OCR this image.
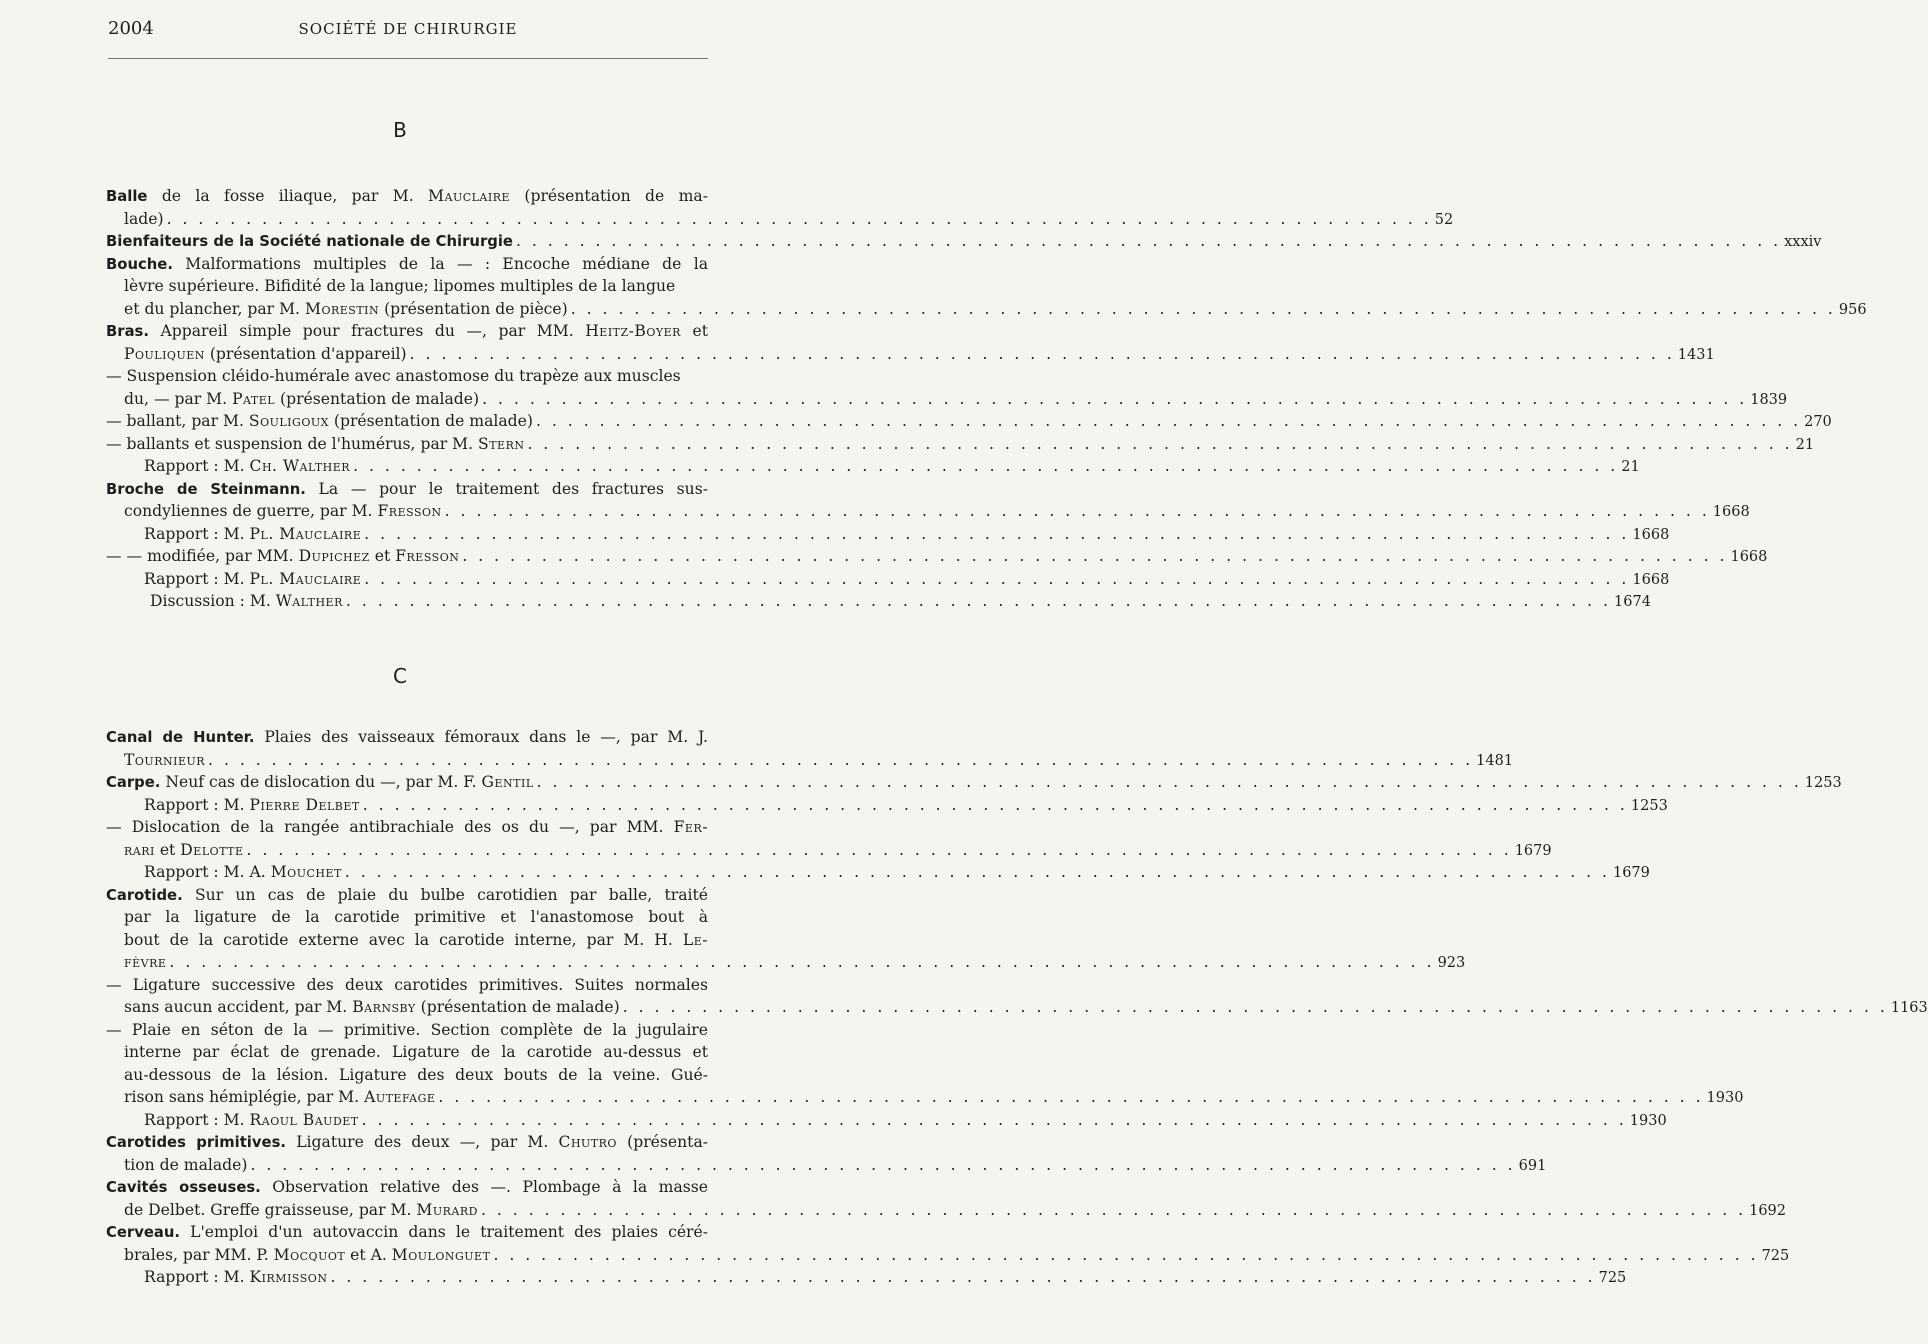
2004	SOCIÉTÉ DE CHIRURGIE
B
Balle de la fosse iliaque, par M. Mauclaire (présentation de ma-
lade) . . . . . . . . . . . . . . . . . . . . . . . . . . . . . . . . . . . . . . . . . . . . . . . . . . . . . . . . . . . . . . . . . . . . . . . . . . . . . . . . 52
Bienfaiteurs de la Société nationale de Chirurgie . . . . . . . . . . . . . . . . . . . . . . . . . . . . . . . . . . . . . . . . . . . . . . . . . . . . . . . . . . . . . . . . . . . . . . . . . . . . . . . . xxxiv
Bouche. Malformations multiples de la — : Encoche médiane de la
lèvre supérieure. Bifidité de la langue; lipomes multiples de la langue
et du plancher, par M. Morestin (présentation de pièce) . . . . . . . . . . . . . . . . . . . . . . . . . . . . . . . . . . . . . . . . . . . . . . . . . . . . . . . . . . . . . . . . . . . . . . . . . . . . . . . . 956
Bras. Appareil simple pour fractures du —, par MM. Heitz-Boyer et
Pouliquen (présentation d'appareil) . . . . . . . . . . . . . . . . . . . . . . . . . . . . . . . . . . . . . . . . . . . . . . . . . . . . . . . . . . . . . . . . . . . . . . . . . . . . . . . . 1431
— Suspension cléido-humérale avec anastomose du trapèze aux muscles
du, — par M. Patel (présentation de malade) . . . . . . . . . . . . . . . . . . . . . . . . . . . . . . . . . . . . . . . . . . . . . . . . . . . . . . . . . . . . . . . . . . . . . . . . . . . . . . . . 1839
— ballant, par M. Souligoux (présentation de malade) . . . . . . . . . . . . . . . . . . . . . . . . . . . . . . . . . . . . . . . . . . . . . . . . . . . . . . . . . . . . . . . . . . . . . . . . . . . . . . . . 270
— ballants et suspension de l'humérus, par M. Stern . . . . . . . . . . . . . . . . . . . . . . . . . . . . . . . . . . . . . . . . . . . . . . . . . . . . . . . . . . . . . . . . . . . . . . . . . . . . . . . . 21
Rapport : M. Ch. Walther . . . . . . . . . . . . . . . . . . . . . . . . . . . . . . . . . . . . . . . . . . . . . . . . . . . . . . . . . . . . . . . . . . . . . . . . . . . . . . . . 21
Broche de Steinmann. La — pour le traitement des fractures sus-
condyliennes de guerre, par M. Fresson . . . . . . . . . . . . . . . . . . . . . . . . . . . . . . . . . . . . . . . . . . . . . . . . . . . . . . . . . . . . . . . . . . . . . . . . . . . . . . . . 1668
Rapport : M. Pl. Mauclaire . . . . . . . . . . . . . . . . . . . . . . . . . . . . . . . . . . . . . . . . . . . . . . . . . . . . . . . . . . . . . . . . . . . . . . . . . . . . . . . . 1668
— — modifiée, par MM. Dupichez et Fresson . . . . . . . . . . . . . . . . . . . . . . . . . . . . . . . . . . . . . . . . . . . . . . . . . . . . . . . . . . . . . . . . . . . . . . . . . . . . . . . . 1668
Rapport : M. Pl. Mauclaire . . . . . . . . . . . . . . . . . . . . . . . . . . . . . . . . . . . . . . . . . . . . . . . . . . . . . . . . . . . . . . . . . . . . . . . . . . . . . . . . 1668
Discussion : M. Walther . . . . . . . . . . . . . . . . . . . . . . . . . . . . . . . . . . . . . . . . . . . . . . . . . . . . . . . . . . . . . . . . . . . . . . . . . . . . . . . . 1674
C
Canal de Hunter. Plaies des vaisseaux fémoraux dans le —, par M. J.
Tournieur . . . . . . . . . . . . . . . . . . . . . . . . . . . . . . . . . . . . . . . . . . . . . . . . . . . . . . . . . . . . . . . . . . . . . . . . . . . . . . . . 1481
Carpe. Neuf cas de dislocation du —, par M. F. Gentil . . . . . . . . . . . . . . . . . . . . . . . . . . . . . . . . . . . . . . . . . . . . . . . . . . . . . . . . . . . . . . . . . . . . . . . . . . . . . . . . 1253
Rapport : M. Pierre Delbet . . . . . . . . . . . . . . . . . . . . . . . . . . . . . . . . . . . . . . . . . . . . . . . . . . . . . . . . . . . . . . . . . . . . . . . . . . . . . . . . 1253
— Dislocation de la rangée antibrachiale des os du —, par MM. Fer-
rari et Delotte . . . . . . . . . . . . . . . . . . . . . . . . . . . . . . . . . . . . . . . . . . . . . . . . . . . . . . . . . . . . . . . . . . . . . . . . . . . . . . . . 1679
Rapport : M. A. Mouchet . . . . . . . . . . . . . . . . . . . . . . . . . . . . . . . . . . . . . . . . . . . . . . . . . . . . . . . . . . . . . . . . . . . . . . . . . . . . . . . . 1679
Carotide. Sur un cas de plaie du bulbe carotidien par balle, traité
par la ligature de la carotide primitive et l'anastomose bout à
bout de la carotide externe avec la carotide interne, par M. H. Le-
fèvre . . . . . . . . . . . . . . . . . . . . . . . . . . . . . . . . . . . . . . . . . . . . . . . . . . . . . . . . . . . . . . . . . . . . . . . . . . . . . . . . 923
— Ligature successive des deux carotides primitives. Suites normales
sans aucun accident, par M. Barnsby (présentation de malade) . . . . . . . . . . . . . . . . . . . . . . . . . . . . . . . . . . . . . . . . . . . . . . . . . . . . . . . . . . . . . . . . . . . . . . . . . . . . . . . . 1163
— Plaie en séton de la — primitive. Section complète de la jugulaire
interne par éclat de grenade. Ligature de la carotide au-dessus et
au-dessous de la lésion. Ligature des deux bouts de la veine. Gué-
rison sans hémiplégie, par M. Autefage . . . . . . . . . . . . . . . . . . . . . . . . . . . . . . . . . . . . . . . . . . . . . . . . . . . . . . . . . . . . . . . . . . . . . . . . . . . . . . . . 1930
Rapport : M. Raoul Baudet . . . . . . . . . . . . . . . . . . . . . . . . . . . . . . . . . . . . . . . . . . . . . . . . . . . . . . . . . . . . . . . . . . . . . . . . . . . . . . . . 1930
Carotides primitives. Ligature des deux —, par M. Chutro (présenta-
tion de malade) . . . . . . . . . . . . . . . . . . . . . . . . . . . . . . . . . . . . . . . . . . . . . . . . . . . . . . . . . . . . . . . . . . . . . . . . . . . . . . . . 691
Cavités osseuses. Observation relative des —. Plombage à la masse
de Delbet. Greffe graisseuse, par M. Murard . . . . . . . . . . . . . . . . . . . . . . . . . . . . . . . . . . . . . . . . . . . . . . . . . . . . . . . . . . . . . . . . . . . . . . . . . . . . . . . . 1692
Cerveau. L'emploi d'un autovaccin dans le traitement des plaies céré-
brales, par MM. P. Mocquot et A. Moulonguet . . . . . . . . . . . . . . . . . . . . . . . . . . . . . . . . . . . . . . . . . . . . . . . . . . . . . . . . . . . . . . . . . . . . . . . . . . . . . . . . 725
Rapport : M. Kirmisson . . . . . . . . . . . . . . . . . . . . . . . . . . . . . . . . . . . . . . . . . . . . . . . . . . . . . . . . . . . . . . . . . . . . . . . . . . . . . . . . 725
